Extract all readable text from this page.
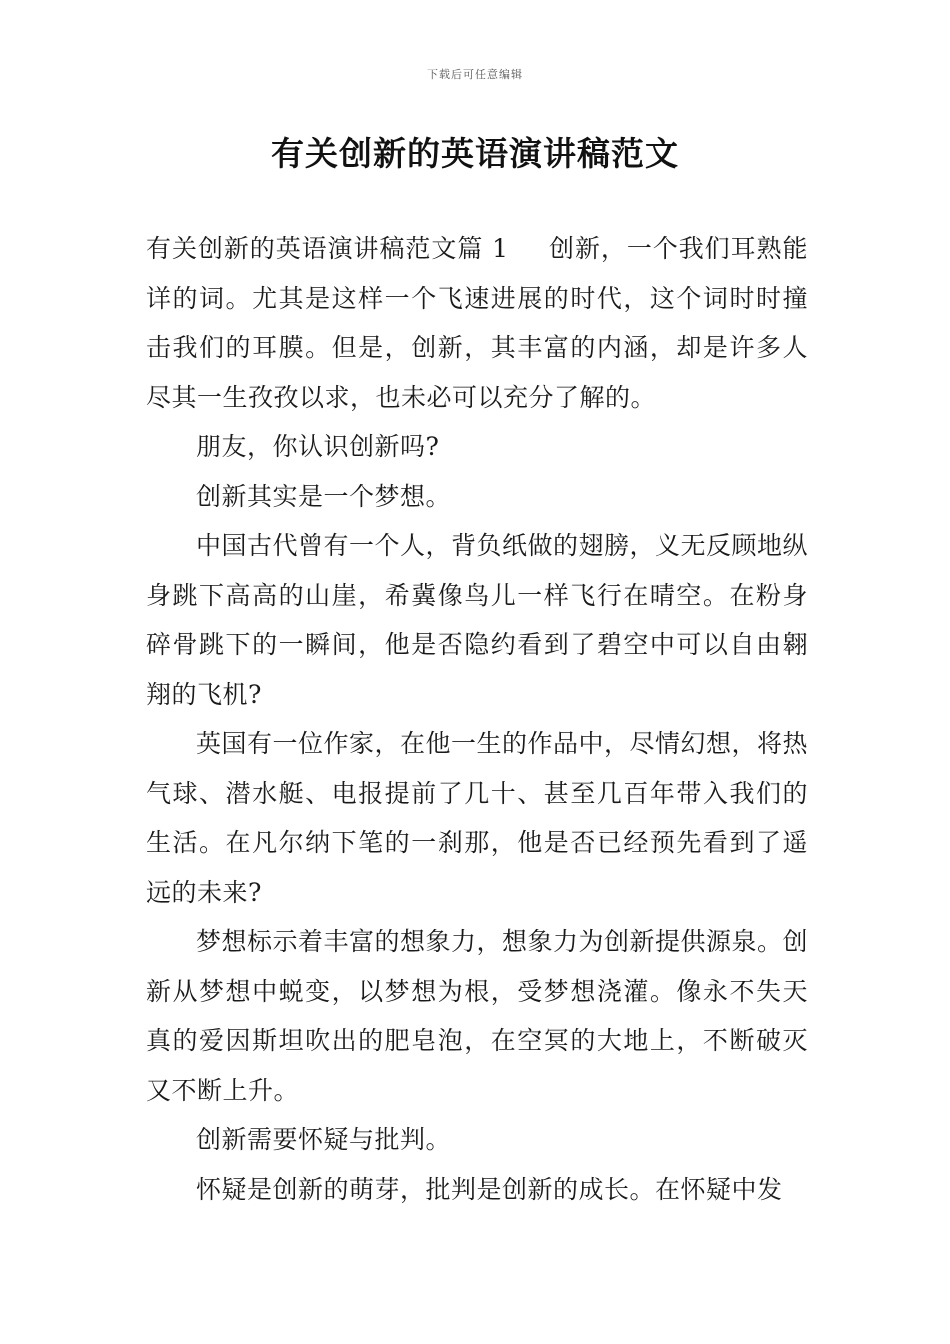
下载后可任意编辑
有关创新的英语演讲稿范文

有关创新的英语演讲稿范文篇 1 创新，一个我们耳熟能详的词。尤其是这样一个飞速进展的时代，这个词时时撞击我们的耳膜。但是，创新，其丰富的内涵，却是许多人尽其一生孜孜以求，也未必可以充分了解的。

朋友，你认识创新吗?

创新其实是一个梦想。

中国古代曾有一个人，背负纸做的翅膀，义无反顾地纵身跳下高高的山崖，希冀像鸟儿一样飞行在晴空。在粉身碎骨跳下的一瞬间，他是否隐约看到了碧空中可以自由翱翔的飞机?

英国有一位作家，在他一生的作品中，尽情幻想，将热气球、潜水艇、电报提前了几十、甚至几百年带入我们的生活。在凡尔纳下笔的一刹那，他是否已经预先看到了遥远的未来?

梦想标示着丰富的想象力，想象力为创新提供源泉。创新从梦想中蜕变，以梦想为根，受梦想浇灌。像永不失天真的爱因斯坦吹出的肥皂泡，在空冥的大地上，不断破灭又不断上升。

创新需要怀疑与批判。

怀疑是创新的萌芽，批判是创新的成长。在怀疑中发
